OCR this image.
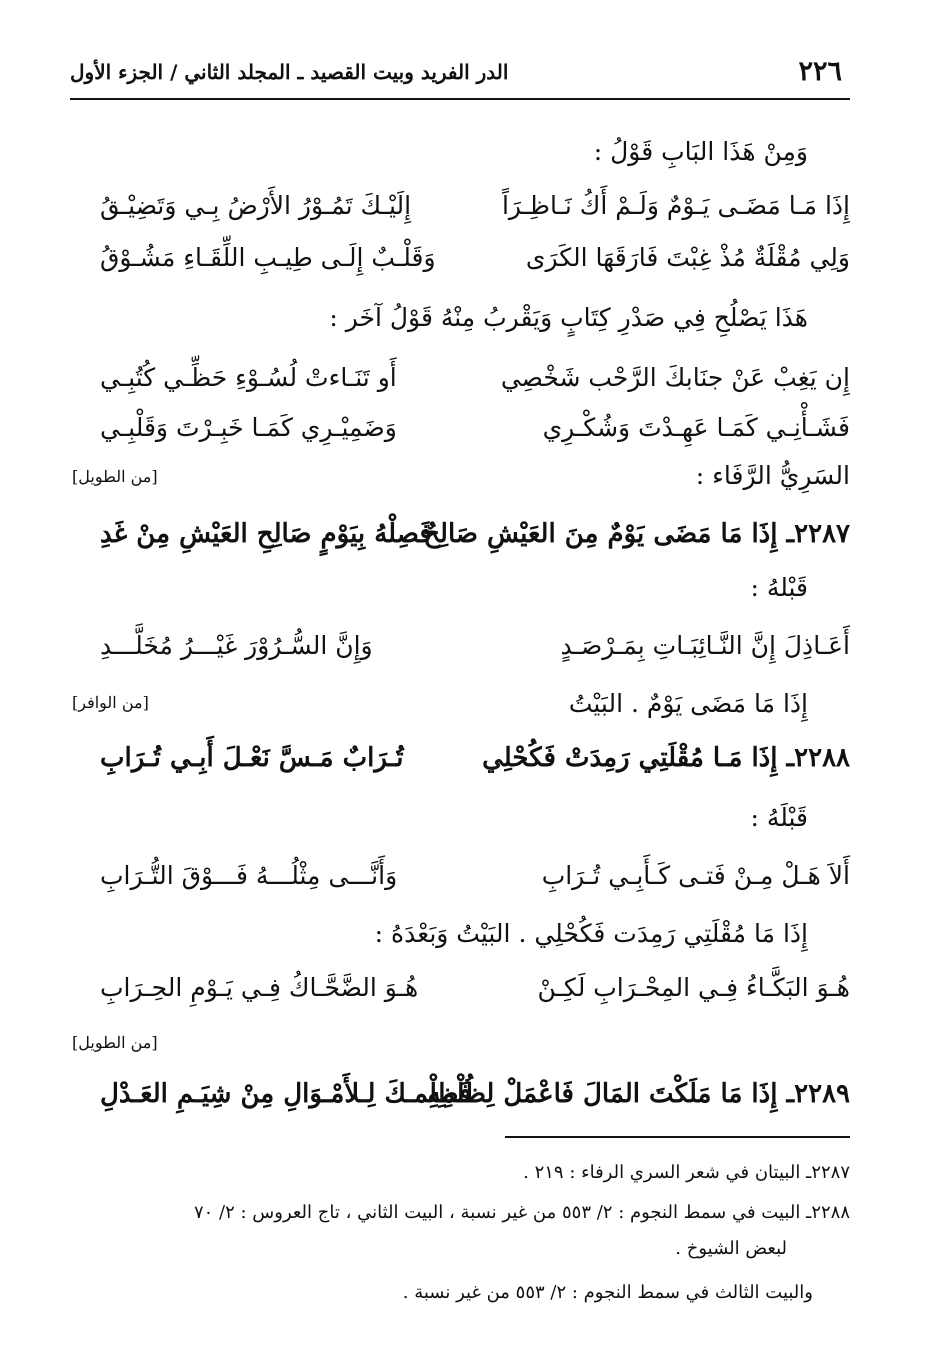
٢٢٦
الدر الفريد وبيت القصيد ـ المجلد الثاني / الجزء الأول
وَمِنْ هَذَا البَابِ قَوْلُ :
إِذَا مَـا مَضَـى يَـوْمٌ وَلَـمْ أَكُ نَـاظِـرَاً
إِلَيْـكَ تَمُـوْرُ الأَرْضُ بِـي وَتَضِيْـقُ
وَلِي مُقْلَةٌ مُذْ غِبْتَ فَارَقَهَا الكَرَى
وَقَلْـبٌ إِلَـى طِيـبِ اللِّقَـاءِ مَشُـوْقُ
هَذَا يَصْلُحِ فِي صَدْرِ كِتَابٍ وَيَقْربُ مِنْهُ قَوْلُ آخَر :
إِن يَغِبْ عَنْ جنَابكَ الرَّحْب شَخْصِي
أَو تَنَـاءتْ لُسُـوْءِ حَظِّـي كُتُبِـي
فَشَـأْنِـي كَمَـا عَهِـدْتَ وَشُكْـرِي
وَضَمِيْـرِي كَمَـا خَبِـرْتَ وَقَلْبِـي
السَرِيُّ الرَّفَاء :
[من الطويل]
٢٢٨٧ـ إِذَا مَا مَضَى يَوْمٌ مِنَ العَيْشِ صَالِحٌ
فَصِلْهُ بِيَوْمٍ صَالِحِ العَيْشِ مِنْ غَدِ
قَبْلهُ :
أَعَـاذِلَ إِنَّ النَّـائِبَـاتِ بِمَـرْصَـدٍ
وَإِنَّ السُّـرُوْرَ غَيْـــرُ مُخَلَّـــدِ
إِذَا مَا مَضَى يَوْمٌ . البَيْتُ
[من الوافر]
٢٢٨٨ـ إِذَا مَـا مُقْلَتِي رَمِدَتْ فَكُحْلِي
تُـرَابٌ مَـسَّ نَعْـلَ أَبِـي تُـرَابِ
قَبْلَهُ :
أَلاَ هَـلْ مِـنْ فَتـى كَـأَبِـي تُـرَابِ
وَأَنَّـــى مِثْلُـــهُ فَـــوْقَ التُّـرَابِ
إِذَا مَا مُقْلَتِي رَمِدَت فَكُحْلِي . البَيْتُ وَبَعْدَهُ :
هُـوَ البَكَّـاءُ فِـي المِحْـرَابِ لَكِـنْ
هُـوَ الضَّحَّـاكُ فِـي يَـوْمِ الحِـرَابِ
[من الطويل]
٢٢٨٩ـ إِذَا مَا مَلَكْتَ المَالَ فَاعْمَلْ لِظُلْمِهِ
فَظِلْمـكَ لِـلأَمْـوَالِ مِنْ شِيَـمِ العَـدْلِ
٢٢٨٧ـ البيتان في شعر السري الرفاء : ٢١٩ .
٢٢٨٨ـ البيت في سمط النجوم : ٢/ ٥٥٣ من غير نسبة ، البيت الثاني ، تاج العروس : ٢/ ٧٠
لبعض الشيوخ .
والبيت الثالث في سمط النجوم : ٢/ ٥٥٣ من غير نسبة .
